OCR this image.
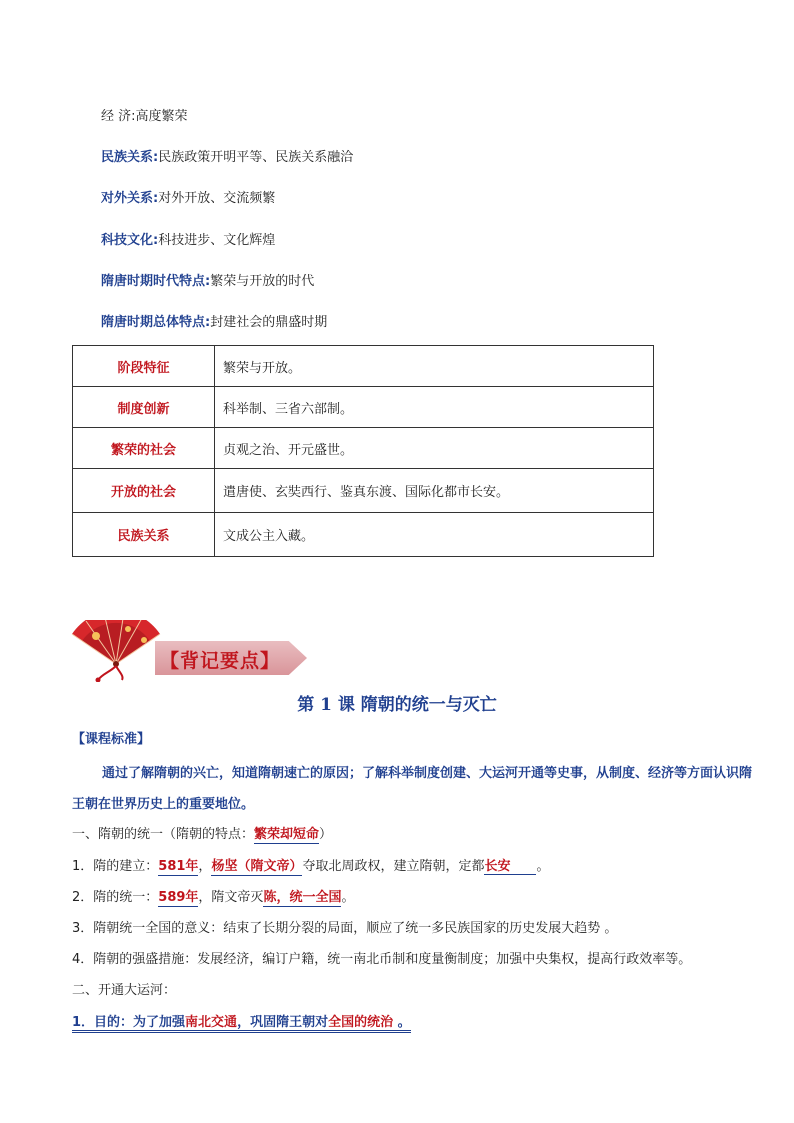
经 济:高度繁荣
民族关系:民族政策开明平等、民族关系融洽
对外关系:对外开放、交流频繁
科技文化:科技进步、文化辉煌
隋唐时期时代特点:繁荣与开放的时代
隋唐时期总体特点:封建社会的鼎盛时期
阶段特征	繁荣与开放。
制度创新	科举制、三省六部制。
繁荣的社会	贞观之治、开元盛世。
开放的社会	遣唐使、玄奘西行、鉴真东渡、国际化都市长安。
民族关系	文成公主入藏。
【背记要点】
第 1 课 隋朝的统一与灭亡
【课程标准】
通过了解隋朝的兴亡，知道隋朝速亡的原因；了解科举制度创建、大运河开通等史事，从制度、经济等方面认识隋王朝在世界历史上的重要地位。
一、隋朝的统一（隋朝的特点：繁荣却短命）
1．隋的建立：581年，杨坚（隋文帝）夺取北周政权，建立隋朝，定都长安 。
2．隋的统一：589年，隋文帝灭陈，统一全国。
3．隋朝统一全国的意义：结束了长期分裂的局面，顺应了统一多民族国家的历史发展大趋势 。
4．隋朝的强盛措施：发展经济，编订户籍，统一南北币制和度量衡制度；加强中央集权，提高行政效率等。
二、开通大运河：
1．目的：为了加强南北交通，巩固隋王朝对全国的统治 。
